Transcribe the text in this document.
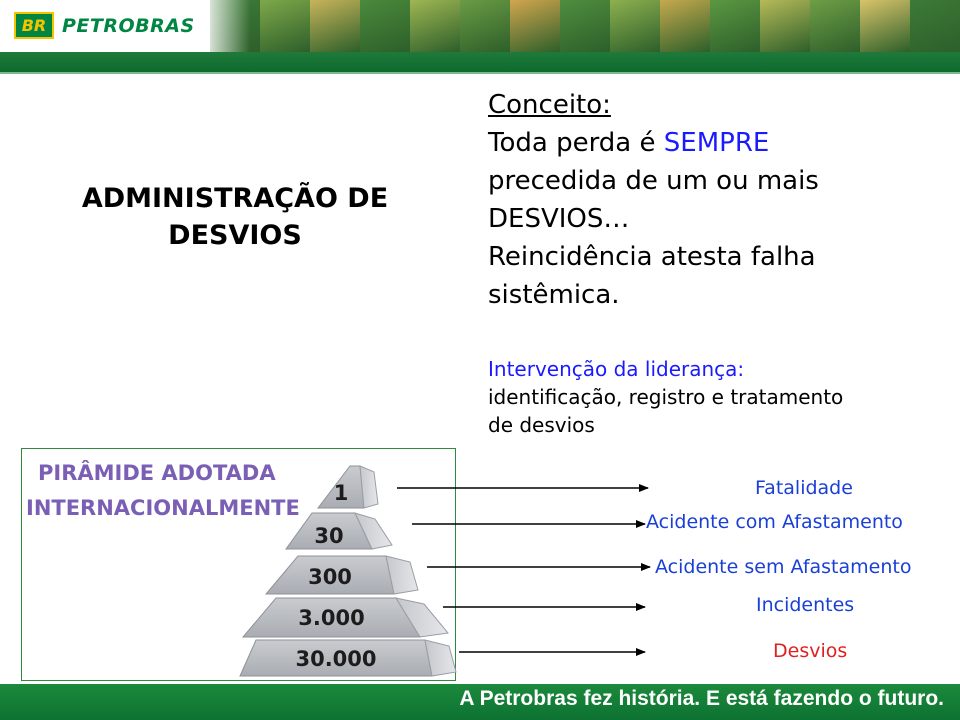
BR PETROBRAS
ADMINISTRAÇÃO DE
DESVIOS
Conceito:
Toda perda é SEMPRE
precedida de um ou mais
DESVIOS…
Reincidência atesta falha
sistêmica.
Intervenção da liderança:
identificação, registro e tratamento
de desvios
PIRÂMIDE ADOTADA
INTERNACIONALMENTE
1
30
300
3.000
30.000
Fatalidade
Acidente com Afastamento
Acidente sem Afastamento
Incidentes
Desvios
A Petrobras fez história. E está fazendo o futuro.
